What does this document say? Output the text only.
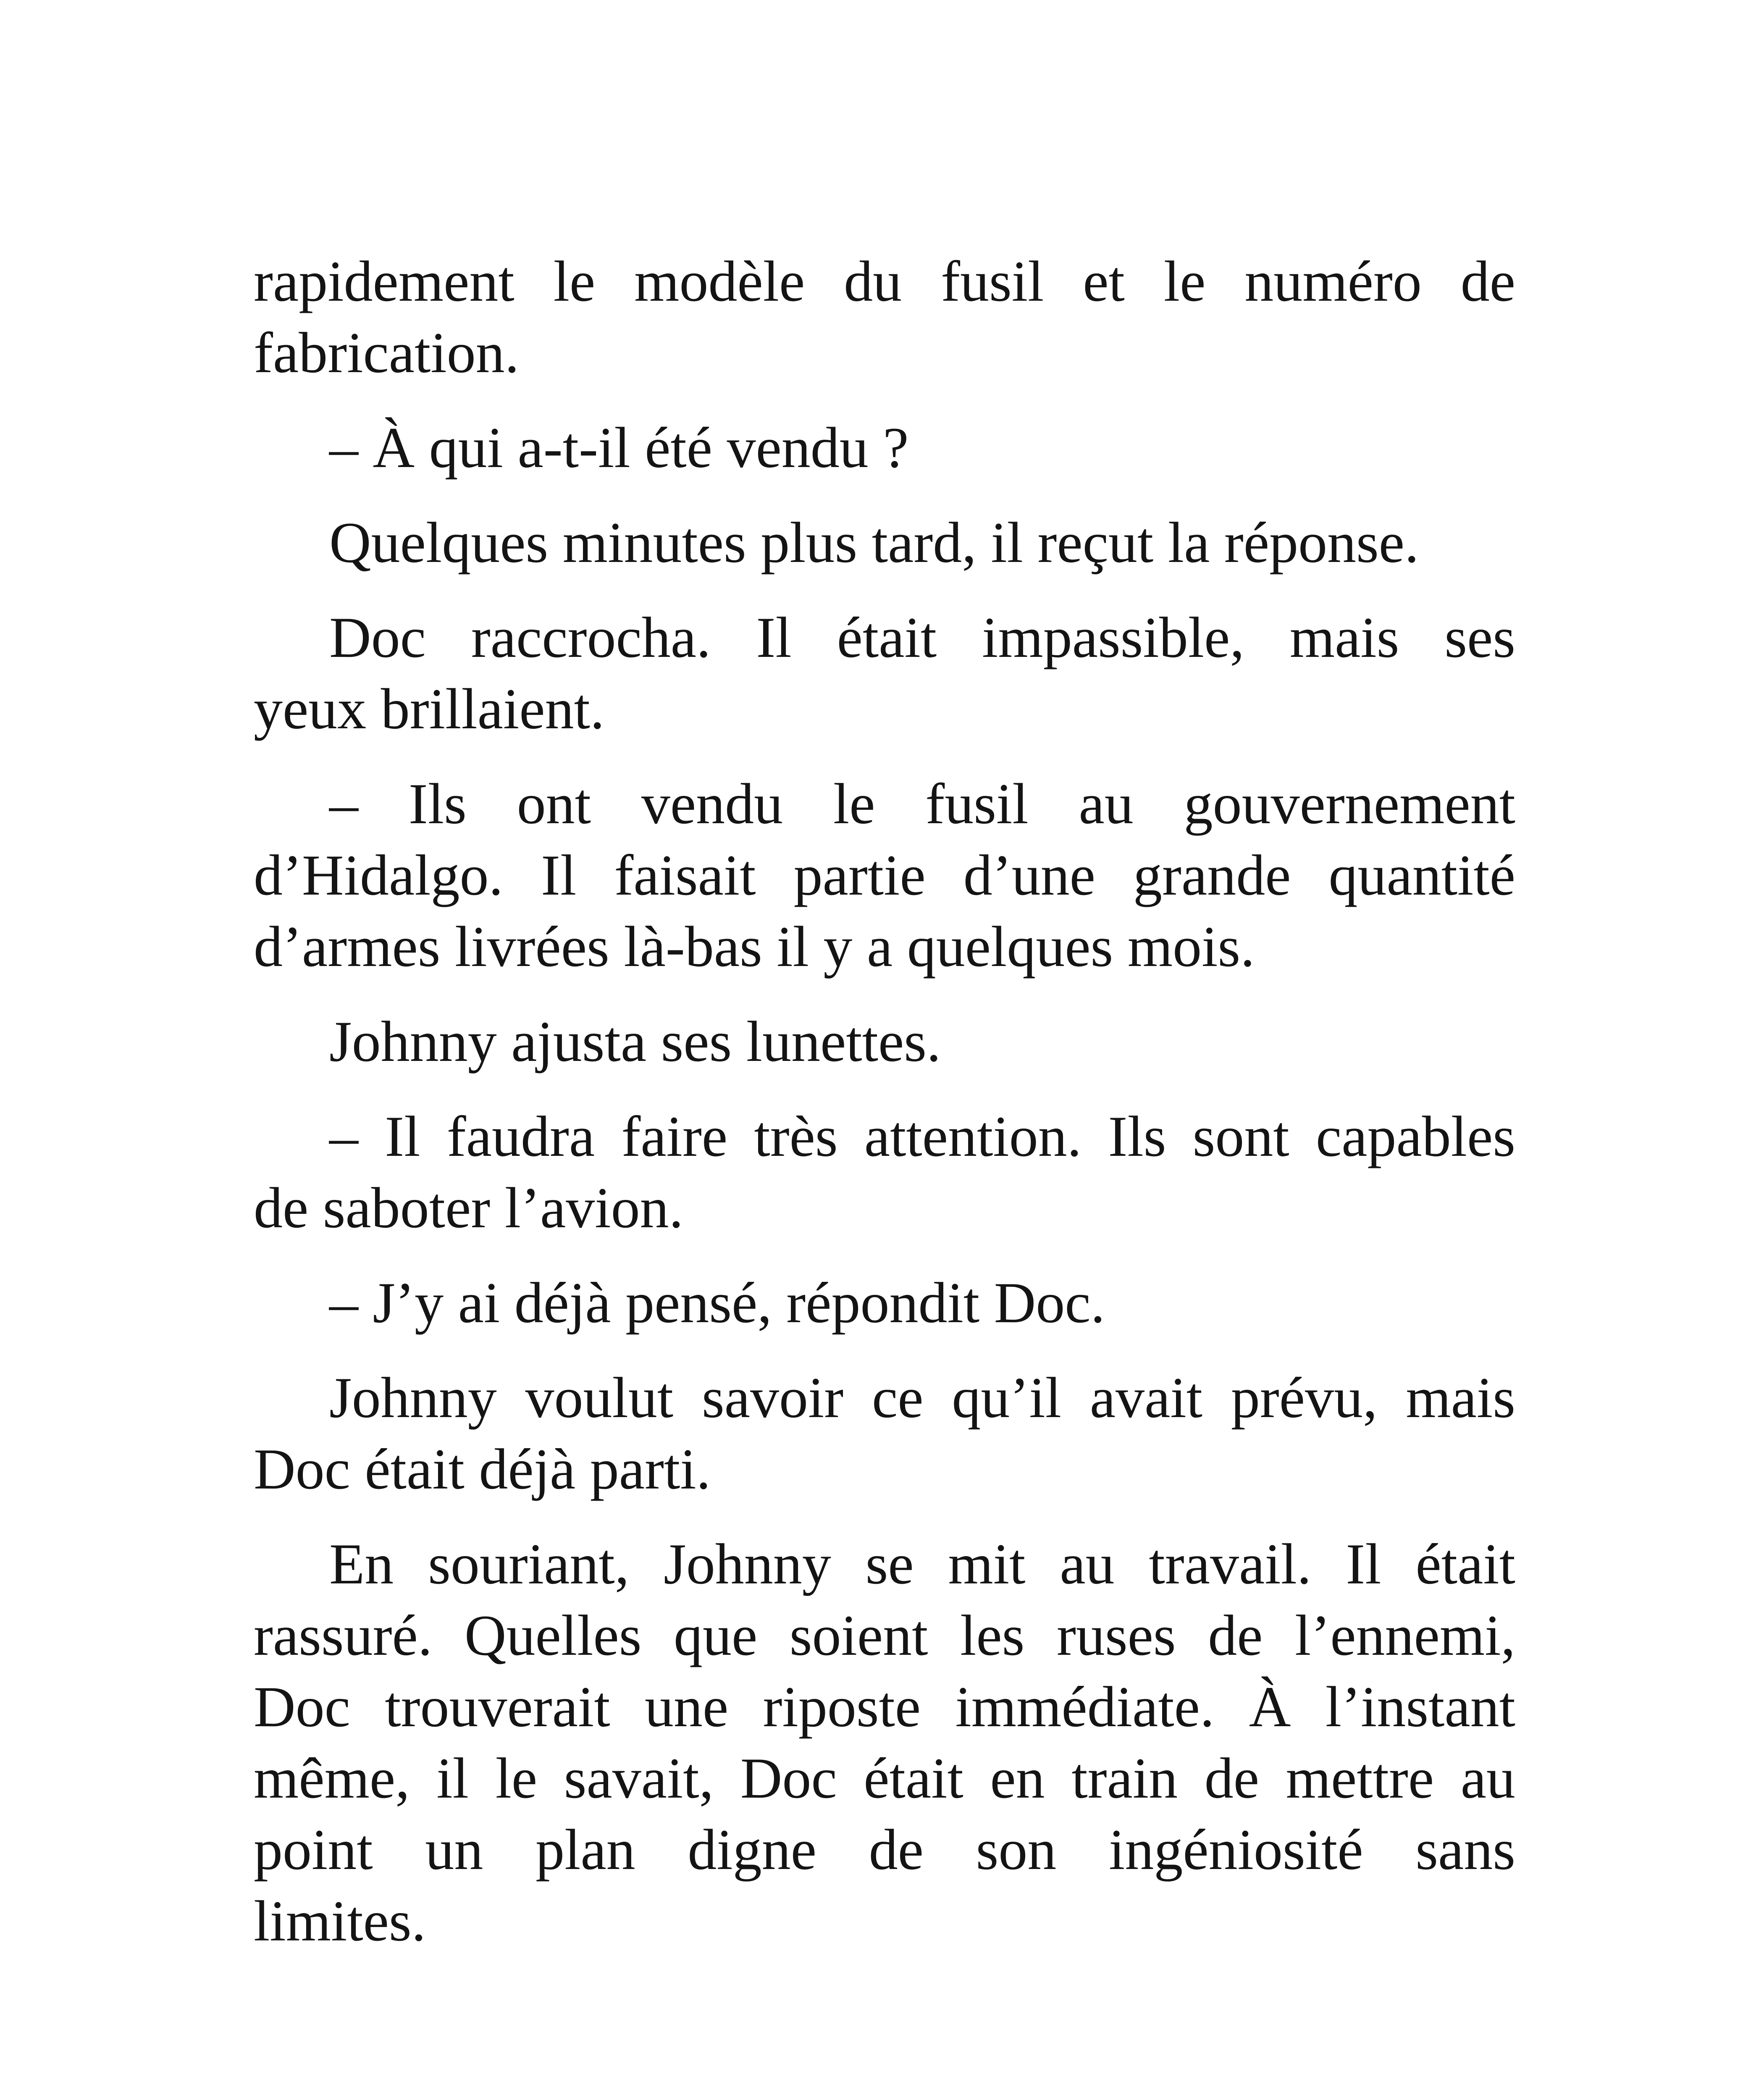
rapidement le modèle du fusil et le numéro de
fabrication.
– À qui a-t-il été vendu ?
Quelques minutes plus tard, il reçut la réponse.
Doc raccrocha. Il était impassible, mais ses
yeux brillaient.
– Ils ont vendu le fusil au gouvernement
d’Hidalgo. Il faisait partie d’une grande quantité
d’armes livrées là-bas il y a quelques mois.
Johnny ajusta ses lunettes.
– Il faudra faire très attention. Ils sont capables
de saboter l’avion.
– J’y ai déjà pensé, répondit Doc.
Johnny voulut savoir ce qu’il avait prévu, mais
Doc était déjà parti.
En souriant, Johnny se mit au travail. Il était
rassuré. Quelles que soient les ruses de l’ennemi,
Doc trouverait une riposte immédiate. À l’instant
même, il le savait, Doc était en train de mettre au
point un plan digne de son ingéniosité sans
limites.
